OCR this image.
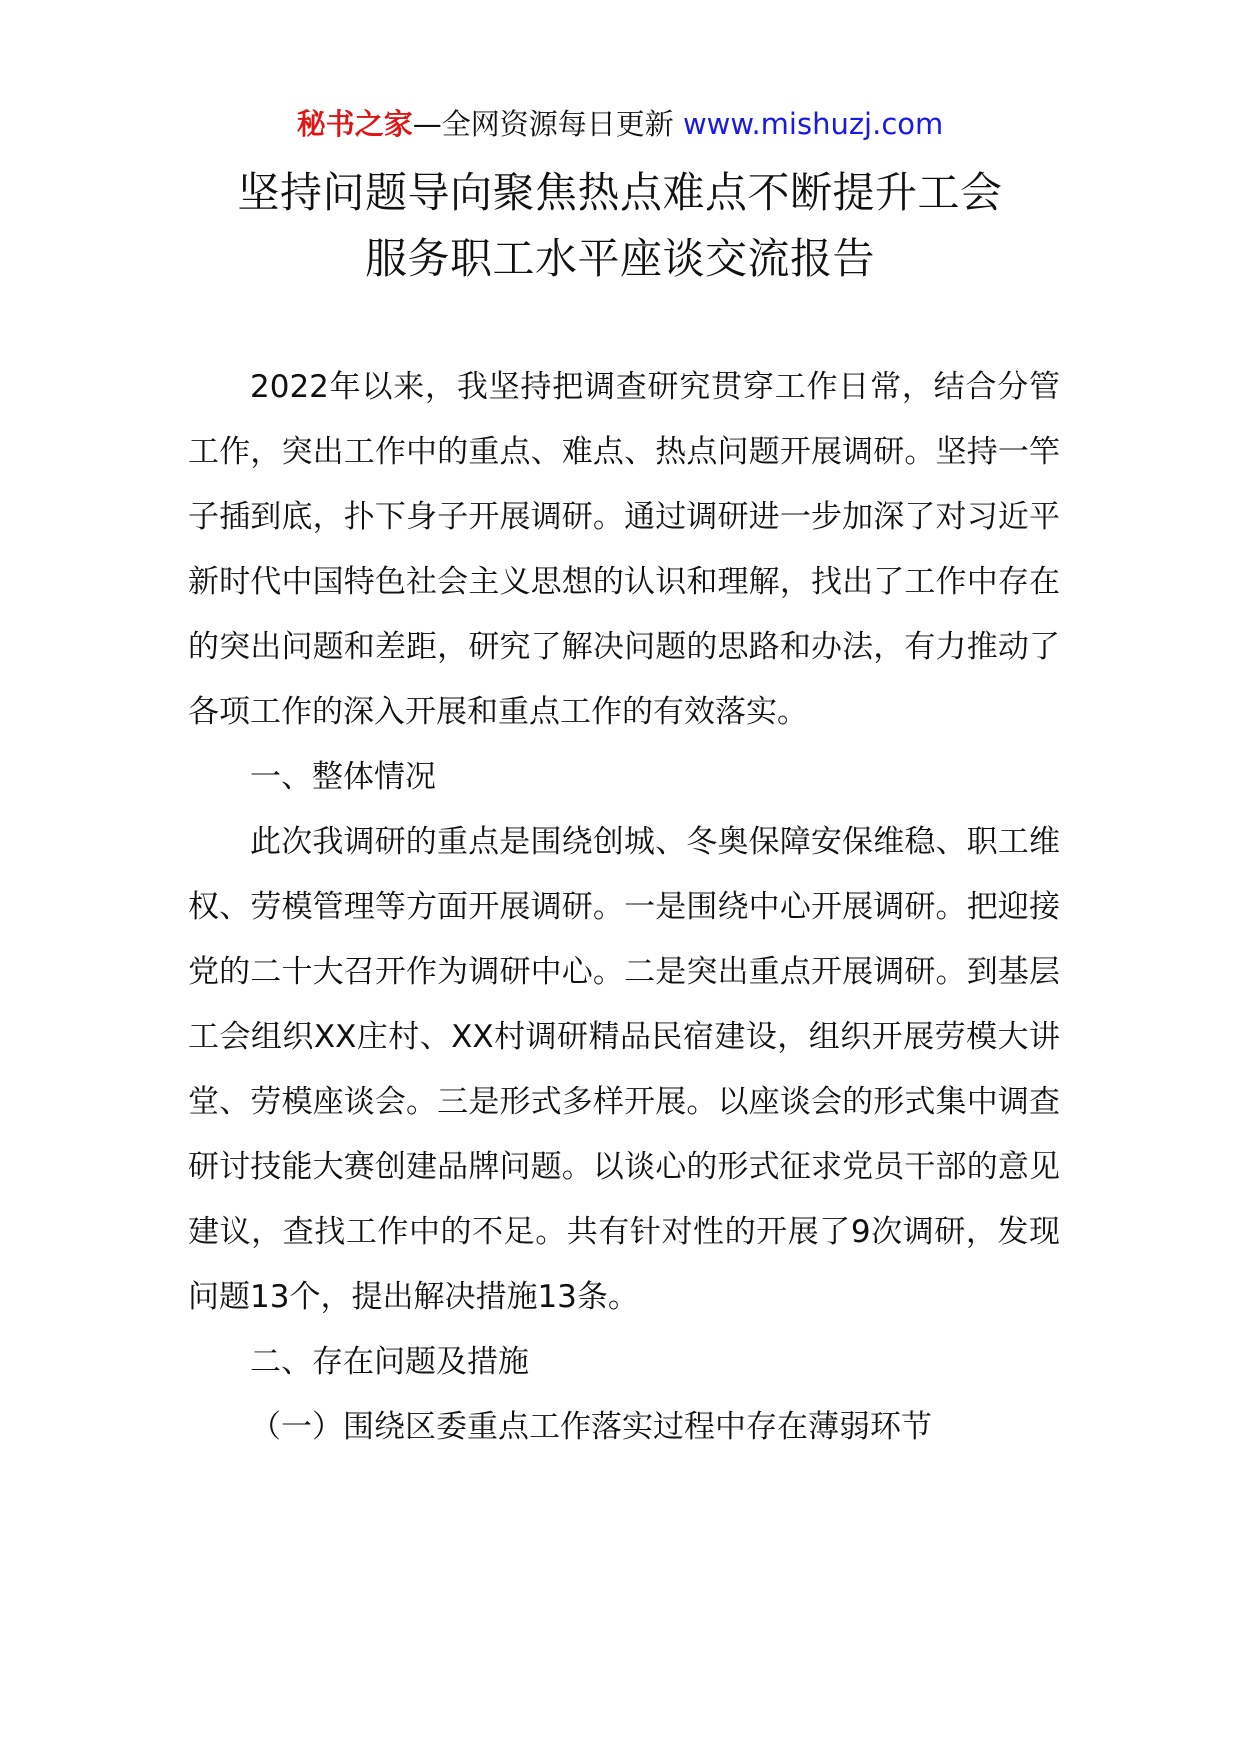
秘书之家—全网资源每日更新 www.mishuzj.com
坚持问题导向聚焦热点难点不断提升工会
服务职工水平座谈交流报告

2022年以来，我坚持把调查研究贯穿工作日常，结合分管工作，突出工作中的重点、难点、热点问题开展调研。坚持一竿子插到底，扑下身子开展调研。通过调研进一步加深了对习近平新时代中国特色社会主义思想的认识和理解，找出了工作中存在的突出问题和差距，研究了解决问题的思路和办法，有力推动了各项工作的深入开展和重点工作的有效落实。

一、整体情况

此次我调研的重点是围绕创城、冬奥保障安保维稳、职工维权、劳模管理等方面开展调研。一是围绕中心开展调研。把迎接党的二十大召开作为调研中心。二是突出重点开展调研。到基层工会组织XX庄村、XX村调研精品民宿建设，组织开展劳模大讲堂、劳模座谈会。三是形式多样开展。以座谈会的形式集中调查研讨技能大赛创建品牌问题。以谈心的形式征求党员干部的意见建议，查找工作中的不足。共有针对性的开展了9次调研，发现问题13个，提出解决措施13条。

二、存在问题及措施

（一）围绕区委重点工作落实过程中存在薄弱环节
